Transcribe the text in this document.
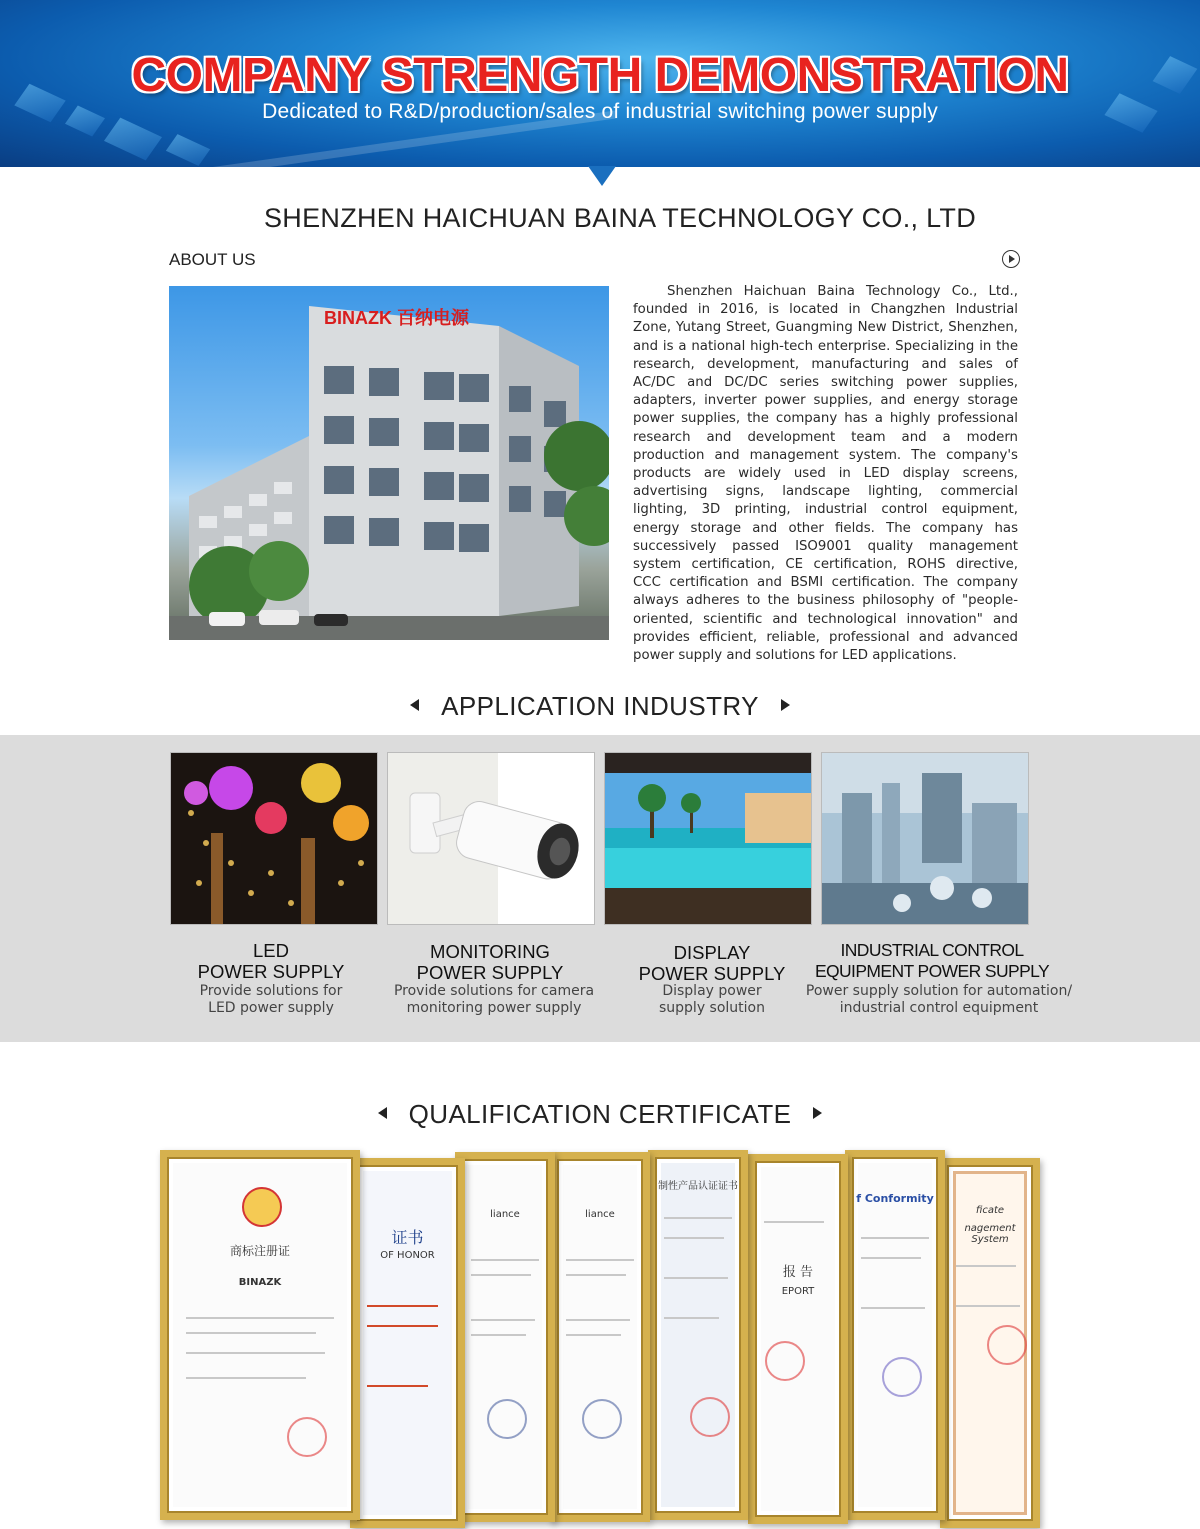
COMPANY STRENGTH DEMONSTRATION
Dedicated to R&D/production/sales of industrial switching power supply
SHENZHEN HAICHUAN BAINA TECHNOLOGY CO., LTD
ABOUT US
BINAZK 百纳电源
Shenzhen Haichuan Baina Technology Co., Ltd., founded in 2016, is located in Changzhen Industrial Zone, Yutang Street, Guangming New District, Shenzhen, and is a national high-tech enterprise. Specializing in the research, development, manufacturing and sales of AC/DC and DC/DC series switching power supplies, adapters, inverter power supplies, and energy storage power supplies, the company has a highly professional research and development team and a modern production and management system. The company's products are widely used in LED display screens, advertising signs, landscape lighting, commercial lighting, 3D printing, industrial control equipment, energy storage and other fields. The company has successively passed ISO9001 quality management system certification, CE certification, ROHS directive, CCC certification and BSMI certification. The company always adheres to the business philosophy of "people-oriented, scientific and technological innovation" and provides efficient, reliable, professional and advanced power supply and solutions for LED applications.
APPLICATION INDUSTRY
LED
POWER SUPPLY
Provide solutions for
LED power supply
MONITORING
POWER SUPPLY
Provide solutions for camera
monitoring power supply
DISPLAY
POWER SUPPLY
Display power
supply solution
INDUSTRIAL CONTROL
EQUIPMENT POWER SUPPLY
Power supply solution for automation/
industrial control equipment
QUALIFICATION CERTIFICATE
商标注册证
BINAZK
证书
OF HONOR
liance	liance
制性产品认证证书
报 告
EPORT
f Conformity
ficate
nagement System
